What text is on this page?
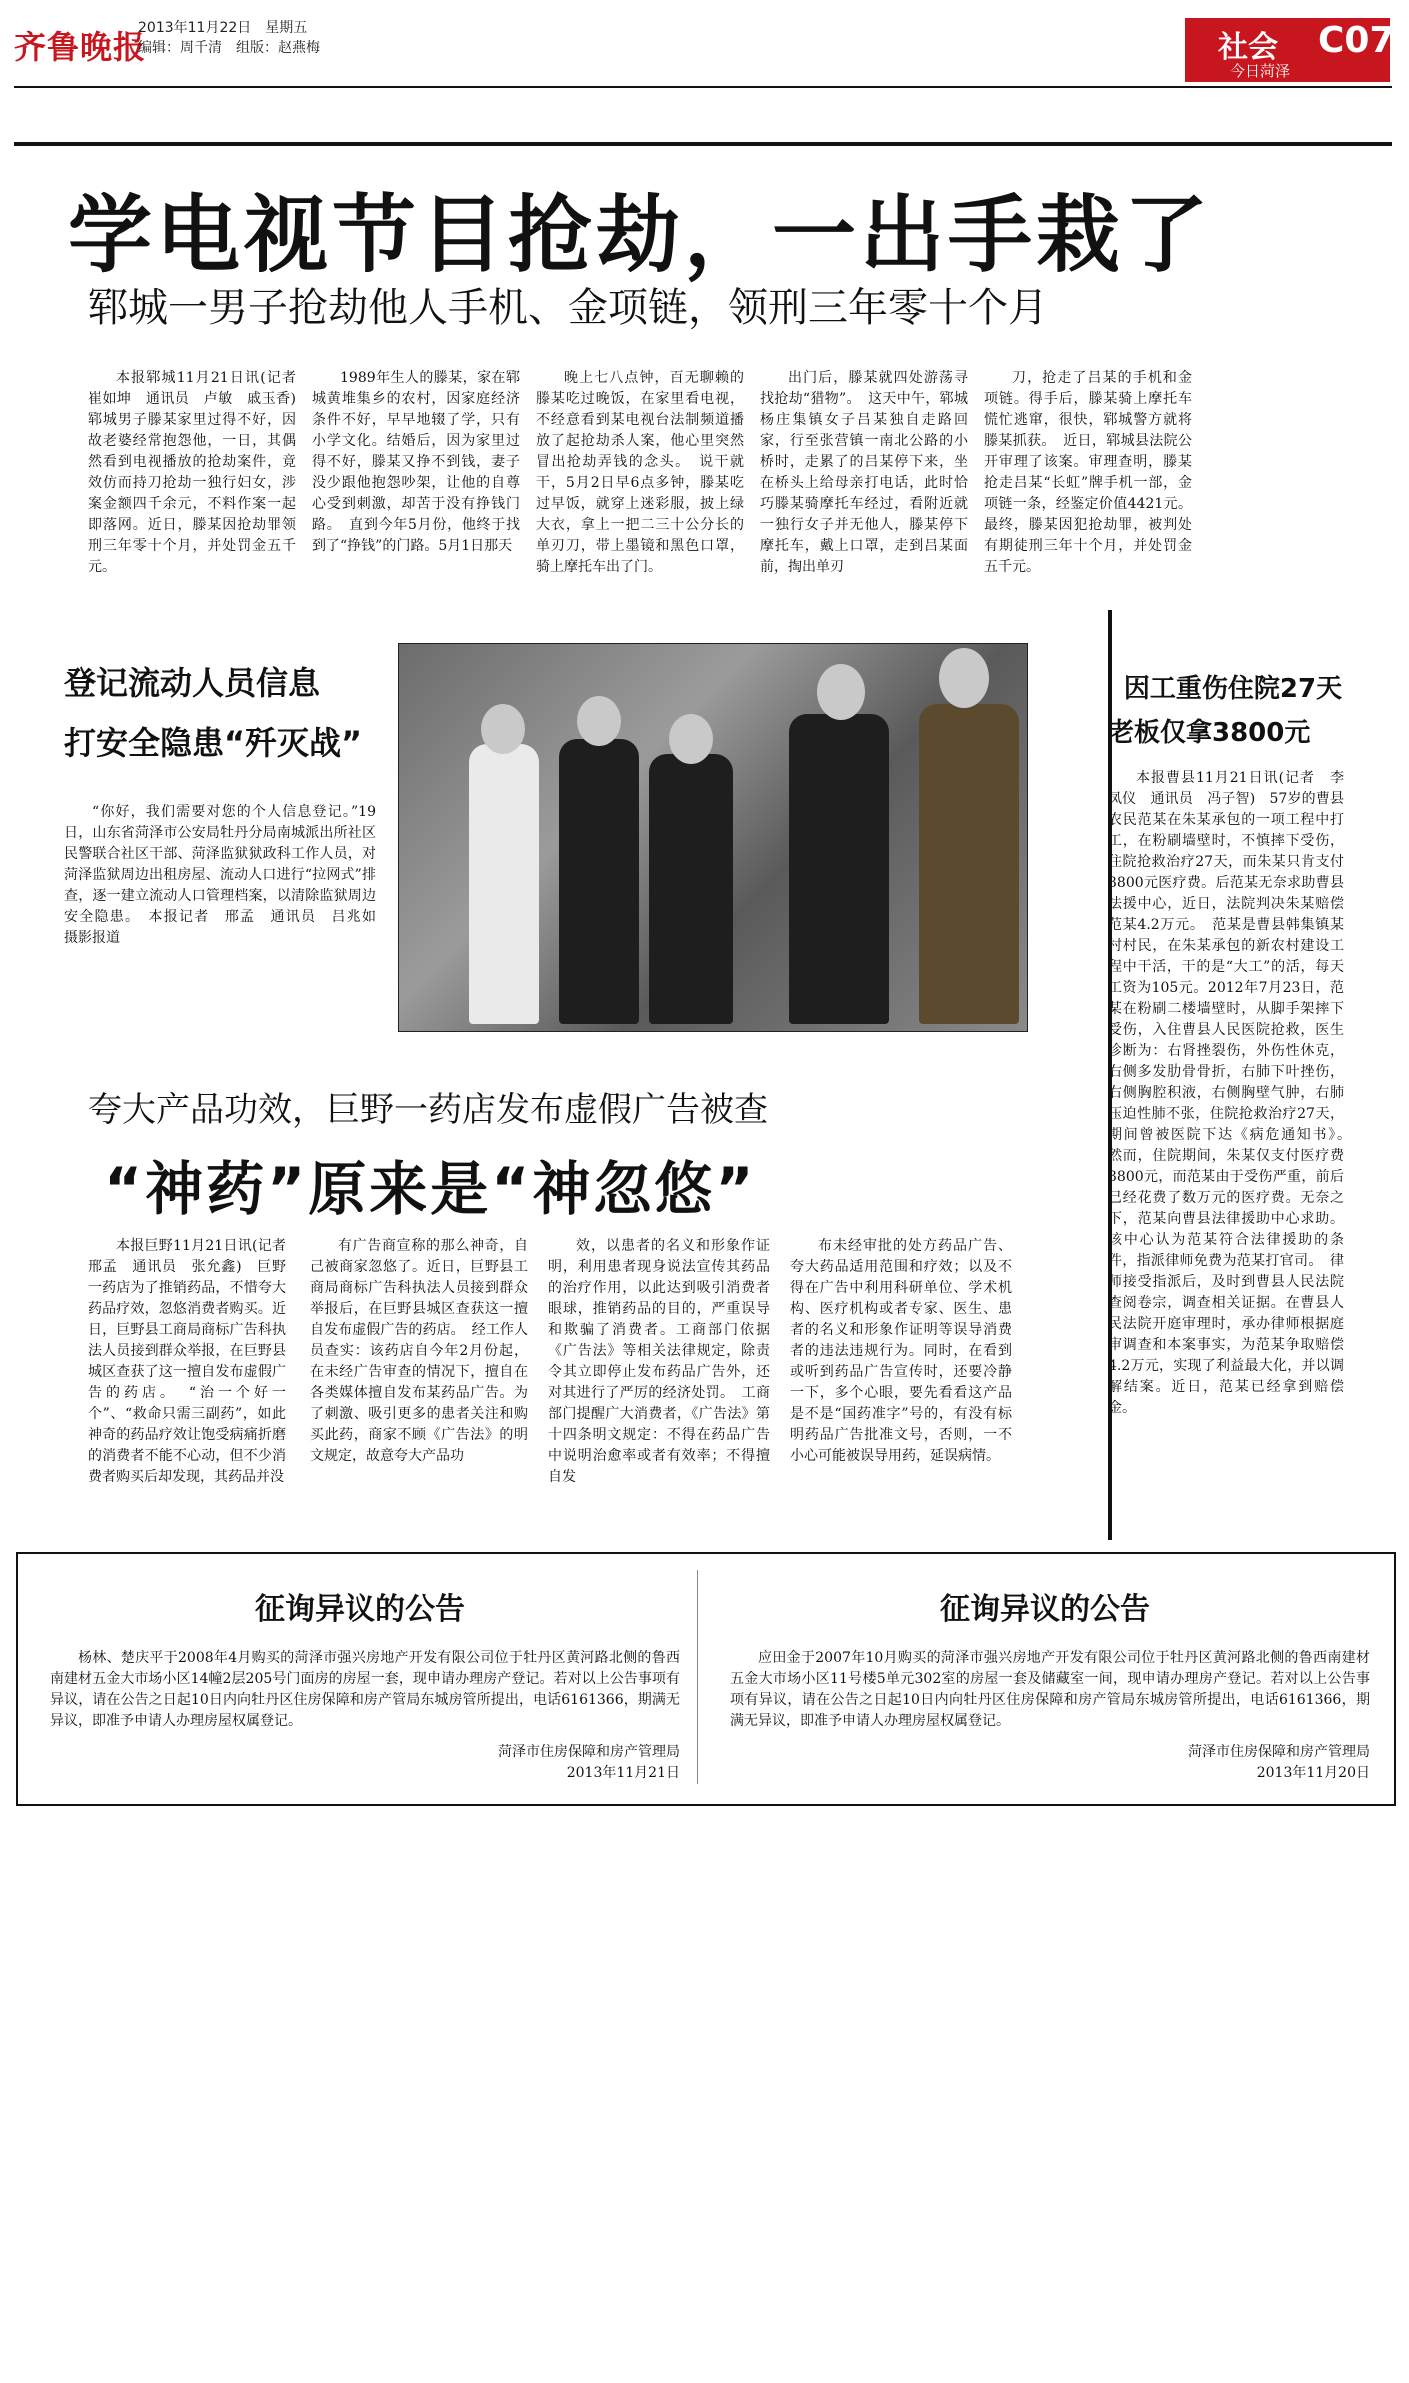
齐鲁晚报
2013年11月22日　星期五
编辑：周千清　组版：赵燕梅	社会 C07
今日菏泽
学电视节目抢劫，一出手栽了
郓城一男子抢劫他人手机、金项链，领刑三年零十个月
本报郓城11月21日讯(记者　崔如坤　通讯员　卢敏　戚玉香)　郓城男子滕某家里过得不好，因故老婆经常抱怨他，一日，其偶然看到电视播放的抢劫案件，竟效仿而持刀抢劫一独行妇女，涉案金额四千余元，不料作案一起即落网。近日，滕某因抢劫罪领刑三年零十个月，并处罚金五千元。
1989年生人的滕某，家在郓城黄堆集乡的农村，因家庭经济条件不好，早早地辍了学，只有小学文化。结婚后，因为家里过得不好，滕某又挣不到钱，妻子没少跟他抱怨吵架，让他的自尊心受到刺激，却苦于没有挣钱门路。　直到今年5月份，他终于找到了“挣钱”的门路。5月1日那天
晚上七八点钟，百无聊赖的滕某吃过晚饭，在家里看电视，不经意看到某电视台法制频道播放了起抢劫杀人案，他心里突然冒出抢劫弄钱的念头。　说干就干，5月2日早6点多钟，滕某吃过早饭，就穿上迷彩服，披上绿大衣，拿上一把二三十公分长的单刃刀，带上墨镜和黑色口罩，骑上摩托车出了门。
出门后，滕某就四处游荡寻找抢劫“猎物”。　这天中午，郓城杨庄集镇女子吕某独自走路回家，行至张营镇一南北公路的小桥时，走累了的吕某停下来，坐在桥头上给母亲打电话，此时恰巧滕某骑摩托车经过，看附近就一独行女子并无他人，滕某停下摩托车，戴上口罩，走到吕某面前，掏出单刃
刀，抢走了吕某的手机和金项链。得手后，滕某骑上摩托车慌忙逃窜，很快，郓城警方就将滕某抓获。　近日，郓城县法院公开审理了该案。审理查明，滕某抢走吕某“长虹”牌手机一部，金项链一条，经鉴定价值4421元。最终，滕某因犯抢劫罪，被判处有期徒刑三年十个月，并处罚金五千元。
登记流动人员信息
打安全隐患“歼灭战”
“你好，我们需要对您的个人信息登记。”19日，山东省菏泽市公安局牡丹分局南城派出所社区民警联合社区干部、菏泽监狱狱政科工作人员，对菏泽监狱周边出租房屋、流动人口进行“拉网式”排查，逐一建立流动人口管理档案，以清除监狱周边安全隐患。　本报记者　邢孟　通讯员　吕兆如　摄影报道
因工重伤住院27天
老板仅拿3800元
本报曹县11月21日讯(记者　李凤仪　通讯员　冯子智)　57岁的曹县农民范某在朱某承包的一项工程中打工，在粉刷墙壁时，不慎摔下受伤，住院抢救治疗27天，而朱某只肯支付3800元医疗费。后范某无奈求助曹县法援中心，近日，法院判决朱某赔偿范某4.2万元。　范某是曹县韩集镇某村村民，在朱某承包的新农村建设工程中干活，干的是“大工”的活，每天工资为105元。2012年7月23日，范某在粉刷二楼墙壁时，从脚手架摔下受伤，入住曹县人民医院抢救，医生诊断为：右肾挫裂伤，外伤性休克，右侧多发肋骨骨折，右肺下叶挫伤，右侧胸腔积液，右侧胸壁气肿，右肺压迫性肺不张，住院抢救治疗27天，期间曾被医院下达《病危通知书》。　然而，住院期间，朱某仅支付医疗费3800元，而范某由于受伤严重，前后已经花费了数万元的医疗费。无奈之下，范某向曹县法律援助中心求助。该中心认为范某符合法律援助的条件，指派律师免费为范某打官司。　律师接受指派后，及时到曹县人民法院查阅卷宗，调查相关证据。在曹县人民法院开庭审理时，承办律师根据庭审调查和本案事实，为范某争取赔偿4.2万元，实现了利益最大化，并以调解结案。近日，范某已经拿到赔偿金。
夸大产品功效，巨野一药店发布虚假广告被查
“神药”原来是“神忽悠”
本报巨野11月21日讯(记者　邢孟　通讯员　张允鑫)　巨野一药店为了推销药品，不惜夸大药品疗效，忽悠消费者购买。近日，巨野县工商局商标广告科执法人员接到群众举报，在巨野县城区查获了这一擅自发布虚假广告的药店。　“治一个好一个”、“救命只需三副药”，如此神奇的药品疗效让饱受病痛折磨的消费者不能不心动，但不少消费者购买后却发现，其药品并没
有广告商宣称的那么神奇，自己被商家忽悠了。近日，巨野县工商局商标广告科执法人员接到群众举报后，在巨野县城区查获这一擅自发布虚假广告的药店。　经工作人员查实：该药店自今年2月份起，在未经广告审查的情况下，擅自在各类媒体擅自发布某药品广告。为了刺激、吸引更多的患者关注和购买此药，商家不顾《广告法》的明文规定，故意夸大产品功
效，以患者的名义和形象作证明，利用患者现身说法宣传其药品的治疗作用，以此达到吸引消费者眼球，推销药品的目的，严重误导和欺骗了消费者。工商部门依据《广告法》等相关法律规定，除责令其立即停止发布药品广告外，还对其进行了严厉的经济处罚。　工商部门提醒广大消费者，《广告法》第十四条明文规定：不得在药品广告中说明治愈率或者有效率；不得擅自发
布未经审批的处方药品广告、夸大药品适用范围和疗效；以及不得在广告中利用科研单位、学术机构、医疗机构或者专家、医生、患者的名义和形象作证明等误导消费者的违法违规行为。同时，在看到或听到药品广告宣传时，还要冷静一下，多个心眼，要先看看这产品是不是“国药准字”号的，有没有标明药品广告批准文号，否则，一不小心可能被误导用药，延误病情。
征询异议的公告
杨林、楚庆平于2008年4月购买的菏泽市强兴房地产开发有限公司位于牡丹区黄河路北侧的鲁西南建材五金大市场小区14幢2层205号门面房的房屋一套，现申请办理房产登记。若对以上公告事项有异议，请在公告之日起10日内向牡丹区住房保障和房产管局东城房管所提出，电话6161366，期满无异议，即准予申请人办理房屋权属登记。
菏泽市住房保障和房产管理局
2013年11月21日
征询异议的公告
应田金于2007年10月购买的菏泽市强兴房地产开发有限公司位于牡丹区黄河路北侧的鲁西南建材五金大市场小区11号楼5单元302室的房屋一套及储藏室一间，现申请办理房产登记。若对以上公告事项有异议，请在公告之日起10日内向牡丹区住房保障和房产管局东城房管所提出，电话6161366，期满无异议，即准予申请人办理房屋权属登记。
菏泽市住房保障和房产管理局
2013年11月20日
